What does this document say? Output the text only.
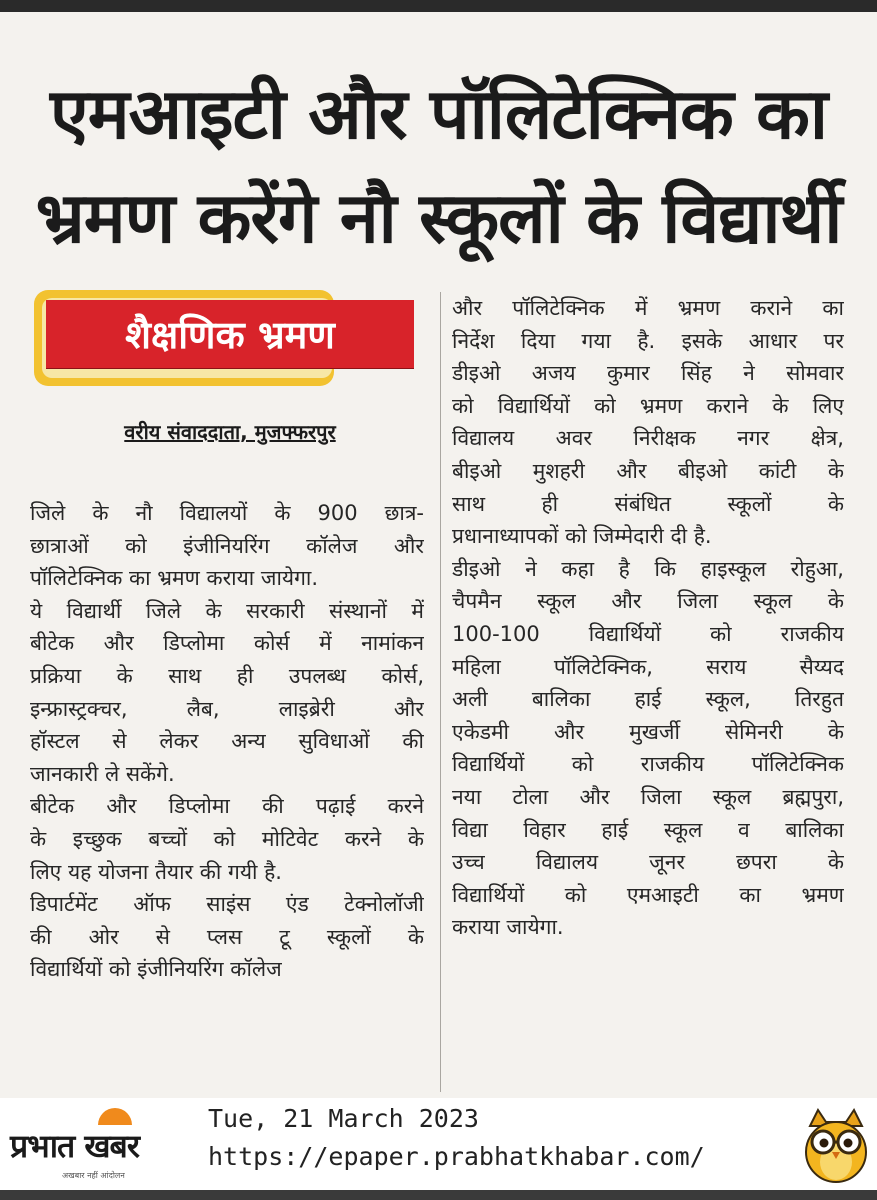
एमआइटी और पॉलिटेक्निक का
भ्रमण करेंगे नौ स्कूलों के विद्यार्थी
शैक्षणिक भ्रमण
वरीय संवाददाता, मुजफ्फरपुर
जिले के नौ विद्यालयों के 900 छात्र-
छात्राओं को इंजीनियरिंग कॉलेज और
पॉलिटेक्निक का भ्रमण कराया जायेगा.
ये विद्यार्थी जिले के सरकारी संस्थानों में
बीटेक और डिप्लोमा कोर्स में नामांकन
प्रक्रिया के साथ ही उपलब्ध कोर्स,
इन्फ्रास्ट्रक्चर, लैब, लाइब्रेरी और
हॉस्टल से लेकर अन्य सुविधाओं की
जानकारी ले सकेंगे.
बीटेक और डिप्लोमा की पढ़ाई करने
के इच्छुक बच्चों को मोटिवेट करने के
लिए यह योजना तैयार की गयी है.
डिपार्टमेंट ऑफ साइंस एंड टेक्नोलॉजी
की ओर से प्लस टू स्कूलों के
विद्यार्थियों को इंजीनियरिंग कॉलेज
और पॉलिटेक्निक में भ्रमण कराने का
निर्देश दिया गया है. इसके आधार पर
डीइओ अजय कुमार सिंह ने सोमवार
को विद्यार्थियों को भ्रमण कराने के लिए
विद्यालय अवर निरीक्षक नगर क्षेत्र,
बीइओ मुशहरी और बीइओ कांटी के
साथ ही संबंधित स्कूलों के
प्रधानाध्यापकों को जिम्मेदारी दी है.
डीइओ ने कहा है कि हाइस्कूल रोहुआ,
चैपमैन स्कूल और जिला स्कूल के
100-100 विद्यार्थियों को राजकीय
महिला पॉलिटेक्निक, सराय सैय्यद
अली बालिका हाई स्कूल, तिरहुत
एकेडमी और मुखर्जी सेमिनरी के
विद्यार्थियों को राजकीय पॉलिटेक्निक
नया टोला और जिला स्कूल ब्रह्मपुरा,
विद्या विहार हाई स्कूल व बालिका
उच्च विद्यालय जूनर छपरा के
विद्यार्थियों को एमआइटी का भ्रमण
कराया जायेगा.
प्रभात खबर
अखबार नहीं आंदोलन
Tue, 21 March 2023
https://epaper.prabhatkhabar.com/
